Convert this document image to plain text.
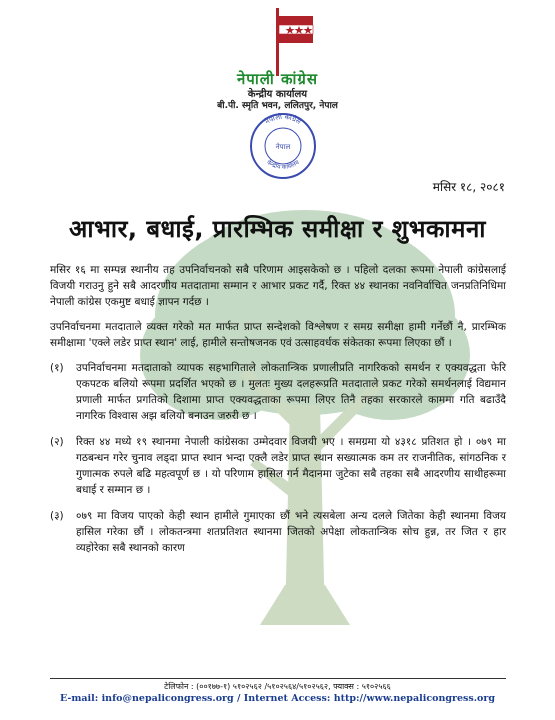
नेपाली कांग्रेस
केन्द्रीय कार्यालय
बी.पी. स्मृति भवन, ललितपुर, नेपाल
नेपाली कांग्रेस
नेपाल
केन्द्रीय कार्यालय
मसिर १८, २०८१
आभार, बधाई, प्रारम्भिक समीक्षा र शुभकामना

मसिर १६ मा सम्पन्न स्थानीय तह उपनिर्वाचनको सबै परिणाम आइसकेको छ । पहिलो दलका रूपमा नेपाली कांग्रेसलाई विजयी गराउनु हुने सबै आदरणीय मतदातामा सम्मान र आभार प्रकट गर्दै, रिक्त ४४ स्थानका नवनिर्वाचित जनप्रतिनिधिमा नेपाली कांग्रेस एकमुष्ट बधाई ज्ञापन गर्दछ ।

उपनिर्वाचनमा मतदाताले व्यक्त गरेको मत मार्फत प्राप्त सन्देशको विश्लेषण र समग्र समीक्षा हामी गर्नेछौं नै, प्रारम्भिक समीक्षामा 'एक्ले लडेर प्राप्त स्थान' लाई, हामीले सन्तोषजनक एवं उत्साहवर्धक संकेतका रूपमा लिएका छौं ।

(१)	उपनिर्वाचनमा मतदाताको व्यापक सहभागिताले लोकतान्त्रिक प्रणालीप्रति नागरिकको समर्थन र एक्यवद्धता फेरि एकपटक बलियो रूपमा प्रदर्शित भएको छ । मुलतः मुख्य दलहरूप्रति मतदाताले प्रकट गरेको समर्थनलाई विद्यमान प्रणाली मार्फत प्रगतिको दिशामा प्राप्त एक्यवद्धताका रूपमा लिएर तिनै तहका सरकारले काममा गति बढाउँदै नागरिक विश्वास अझ बलियो बनाउन जरुरी छ ।
(२)	रिक्त ४४ मध्ये १९ स्थानमा नेपाली कांग्रेसका उम्मेदवार विजयी भए । समग्रमा यो ४३१८ प्रतिशत हो । ०७९ मा गठबन्धन गरेर चुनाव लड्दा प्राप्त स्थान भन्दा एक्लै लडेर प्राप्त स्थान सख्यात्मक कम तर राजनीतिक, सांगठनिक र गुणात्मक रुपले बढि महत्वपूर्ण छ । यो परिणाम हासिल गर्न मैदानमा जुटेका सबै तहका सबै आदरणीय साथीहरूमा बधाई र सम्मान छ ।
(३)	०७९ मा विजय पाएको केही स्थान हामीले गुमाएका छौं भने त्यसबेला अन्य दलले जितेका केही स्थानमा विजय हासिल गरेका छौं । लोकतन्त्रमा शतप्रतिशत स्थानमा जितको अपेक्षा लोकतान्त्रिक सोच हुन्न, तर जित र हार व्यहोरेका सबै स्थानको कारण
टेलिफोन : (००१७७-१) ५१०२५६२ /५१०२५६४/५१०२५६२, फ्याक्स : ५१०२५६६
E-mail: info@nepalicongress.org / Internet Access: http://www.nepalicongress.org
